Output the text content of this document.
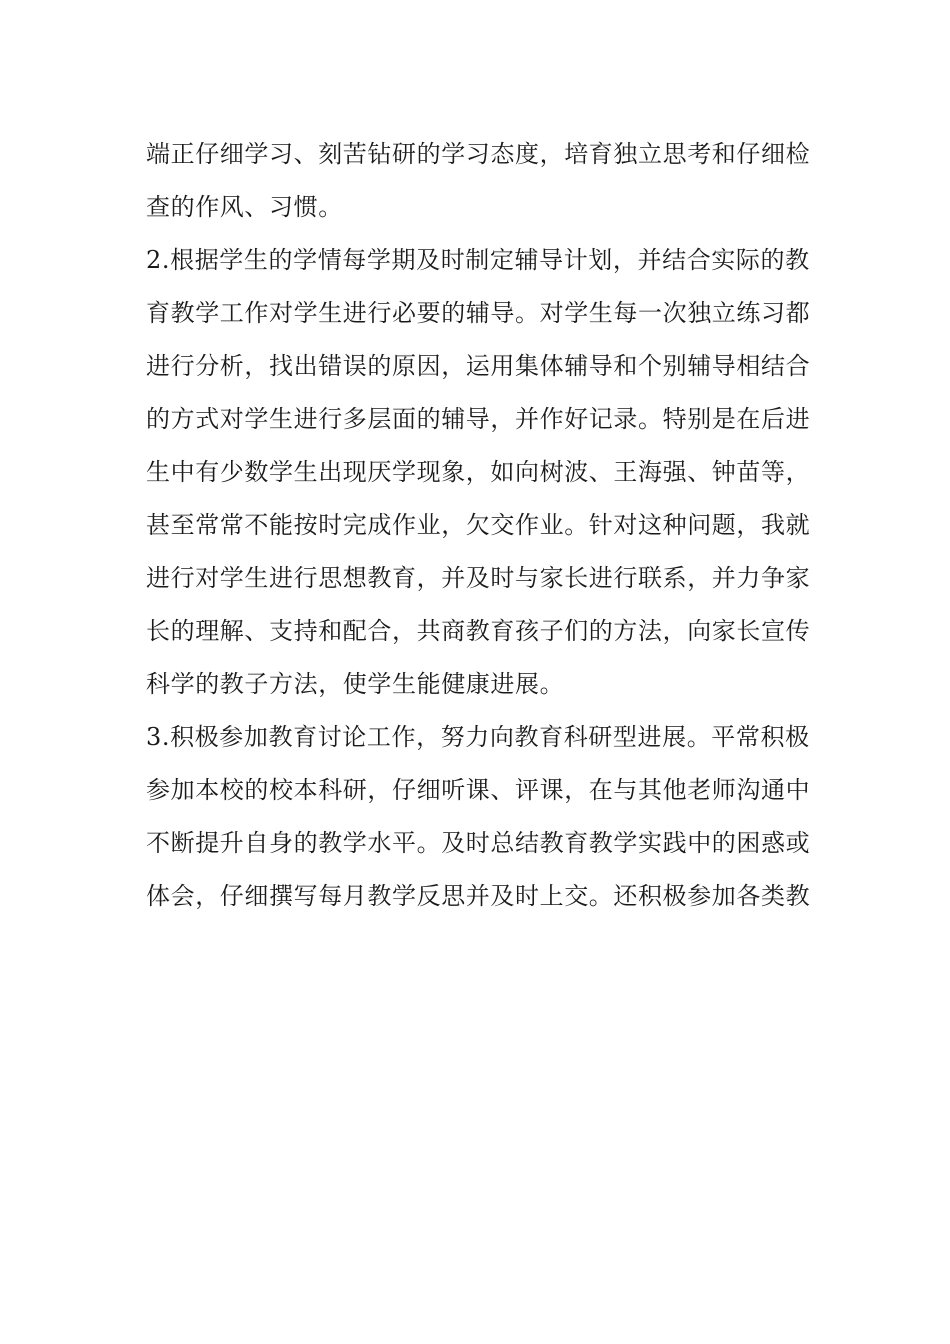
端正仔细学习、刻苦钻研的学习态度，培育独立思考和仔细检
查的作风、习惯。
2.根据学生的学情每学期及时制定辅导计划，并结合实际的教
育教学工作对学生进行必要的辅导。对学生每一次独立练习都
进行分析，找出错误的原因，运用集体辅导和个别辅导相结合
的方式对学生进行多层面的辅导，并作好记录。特别是在后进
生中有少数学生出现厌学现象，如向树波、王海强、钟苗等，
甚至常常不能按时完成作业，欠交作业。针对这种问题，我就
进行对学生进行思想教育，并及时与家长进行联系，并力争家
长的理解、支持和配合，共商教育孩子们的方法，向家长宣传
科学的教子方法，使学生能健康进展。
3.积极参加教育讨论工作，努力向教育科研型进展。平常积极
参加本校的校本科研，仔细听课、评课，在与其他老师沟通中
不断提升自身的教学水平。及时总结教育教学实践中的困惑或
体会，仔细撰写每月教学反思并及时上交。还积极参加各类教
